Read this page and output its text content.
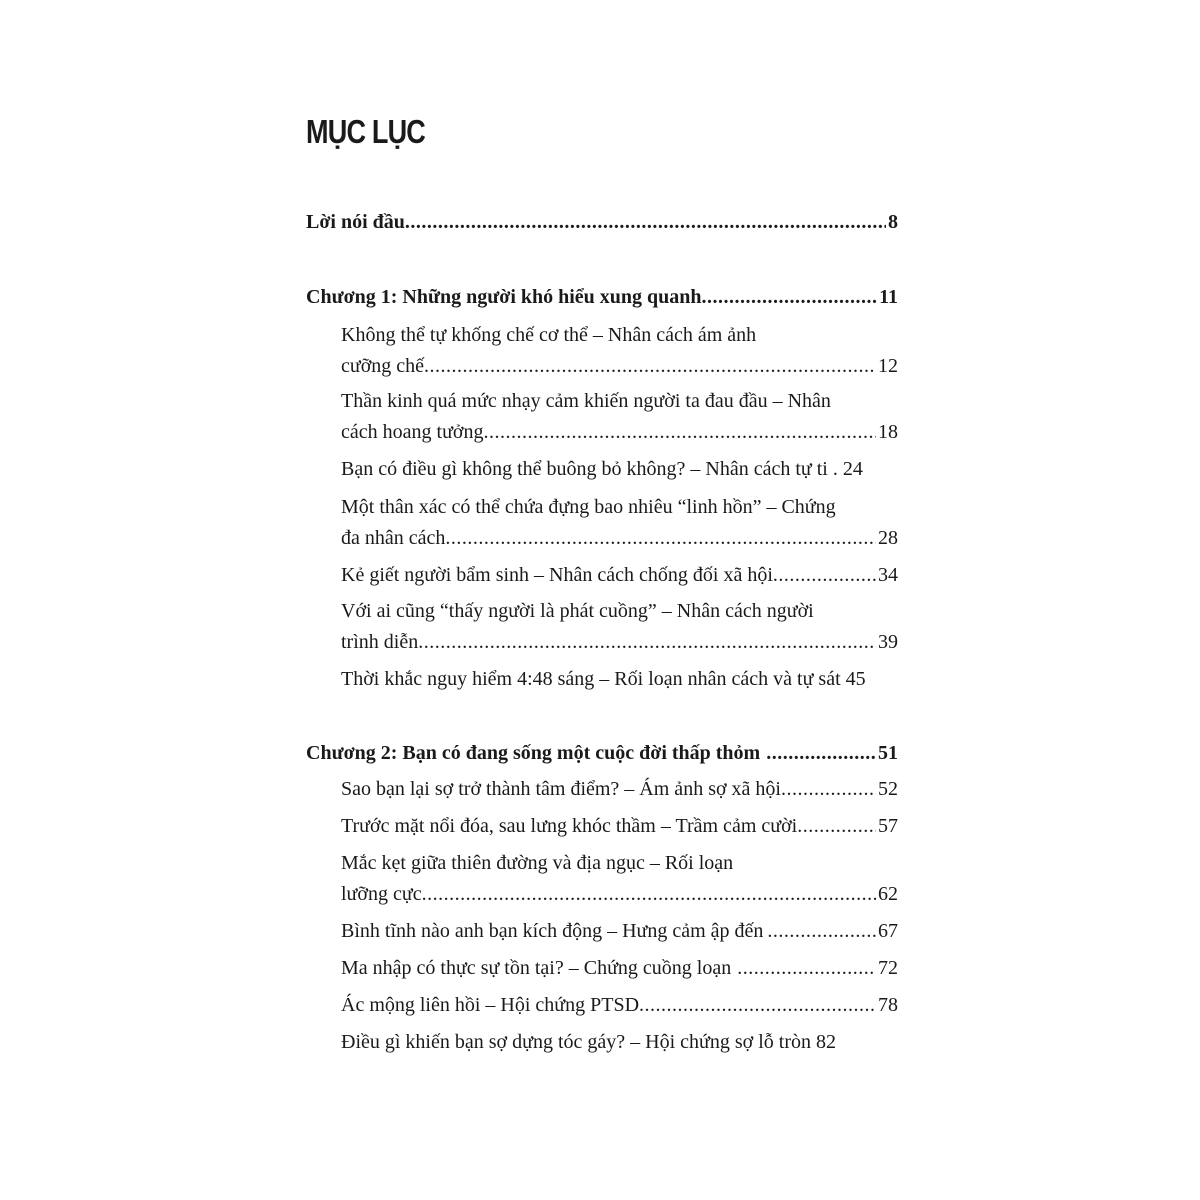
MỤC LỤC
Lời nói đầu .....	8
Chương 1: Những người khó hiểu xung quanh .....	11
Không thể tự khống chế cơ thể – Nhân cách ám ảnh
cưỡng chế .....	12
Thần kinh quá mức nhạy cảm khiến người ta đau đầu – Nhân
cách hoang tưởng .....	18
Bạn có điều gì không thể buông bỏ không? – Nhân cách tự ti . 24
Một thân xác có thể chứa đựng bao nhiêu “linh hồn” – Chứng
đa nhân cách .....	28
Kẻ giết người bẩm sinh – Nhân cách chống đối xã hội .....	34
Với ai cũng “thấy người là phát cuồng” – Nhân cách người
trình diễn .....	39
Thời khắc nguy hiểm 4:48 sáng – Rối loạn nhân cách và tự sát 45
Chương 2: Bạn có đang sống một cuộc đời thấp thỏm .....	51
Sao bạn lại sợ trở thành tâm điểm? – Ám ảnh sợ xã hội .....	52
Trước mặt nổi đóa, sau lưng khóc thầm – Trầm cảm cười .....	57
Mắc kẹt giữa thiên đường và địa ngục – Rối loạn
lưỡng cực .....	62
Bình tĩnh nào anh bạn kích động – Hưng cảm ập đến .....	67
Ma nhập có thực sự tồn tại? – Chứng cuồng loạn .....	72
Ác mộng liên hồi – Hội chứng PTSD .....	78
Điều gì khiến bạn sợ dựng tóc gáy? – Hội chứng sợ lỗ tròn 82
